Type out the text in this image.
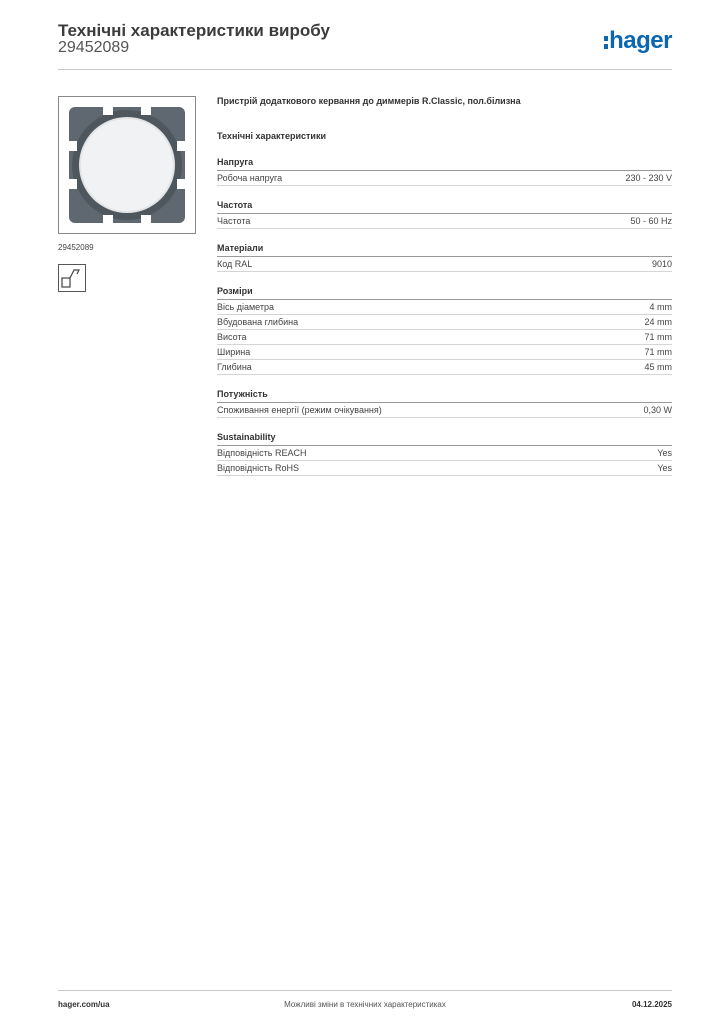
Технічні характеристики виробу
29452089	hager
29452089
Пристрій додаткового кервання до диммерів R.Classic, пол.білизна
Технічні характеристики
Напруга
Робоча напруга	230 - 230 V
Частота
Частота	50 - 60 Hz
Матеріали
Код RAL	9010
Розміри
Вісь діаметра	4 mm
Вбудована глибина	24 mm
Висота	71 mm
Ширина	71 mm
Глибина	45 mm
Потужність
Споживання енергії (режим очікування)	0,30 W
Sustainability
Відповідність REACH	Yes
Відповідність RoHS	Yes
hager.com/ua	Можливі зміни в технічних характеристиках	04.12.2025
